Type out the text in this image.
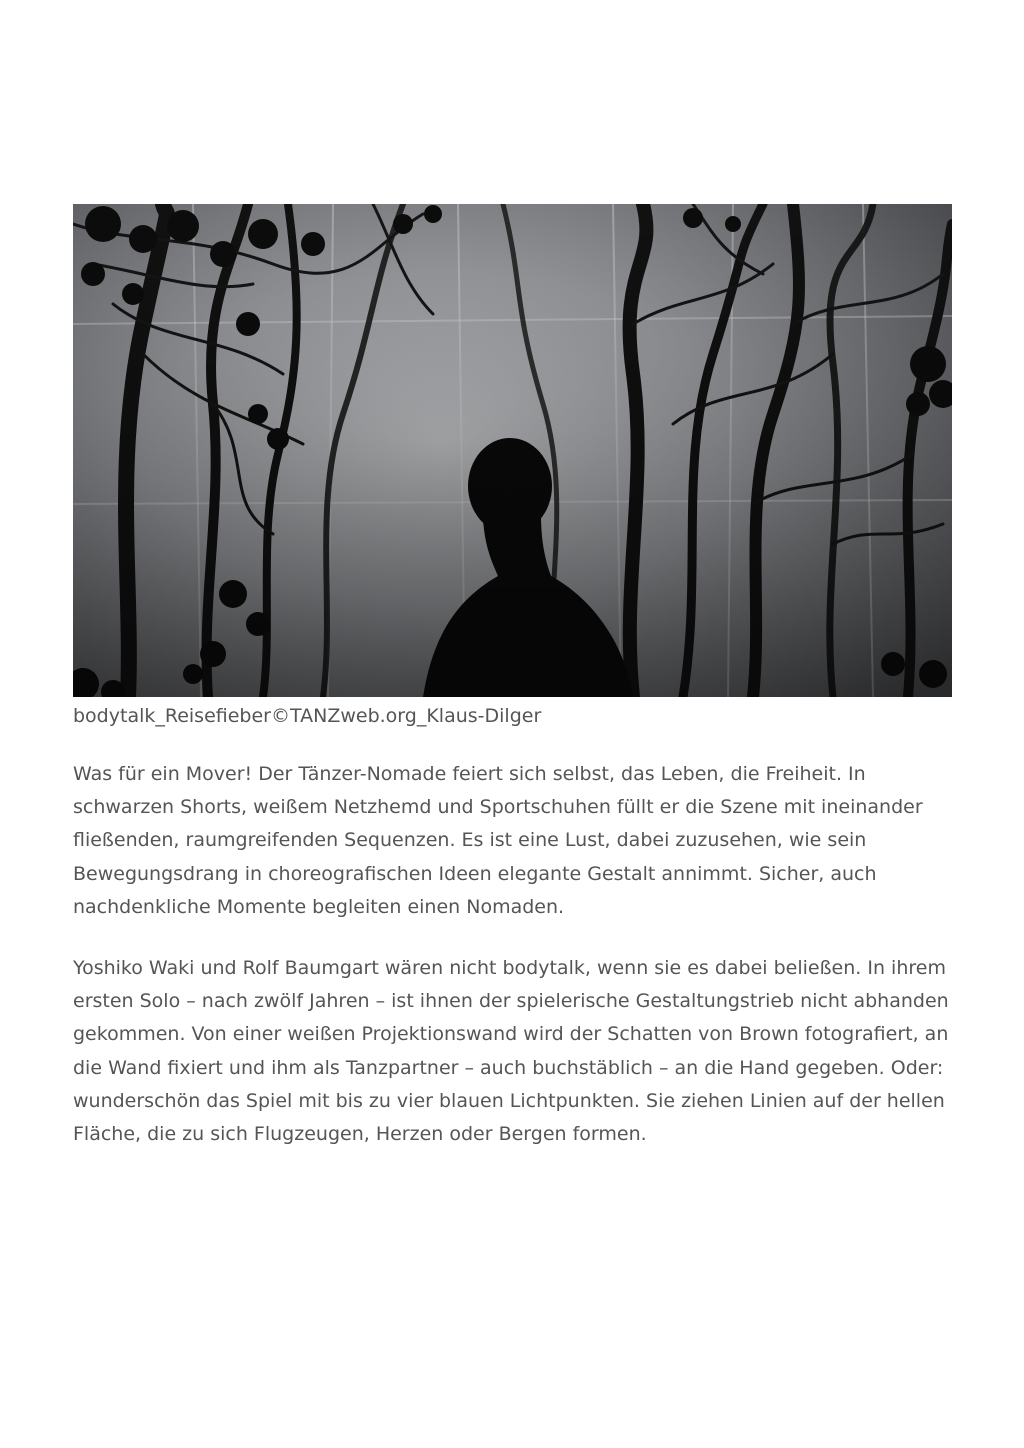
bodytalk_Reisefieber©TANZweb.org_Klaus-Dilger

Was für ein Mover! Der Tänzer-Nomade feiert sich selbst, das Leben, die Freiheit. In
schwarzen Shorts, weißem Netzhemd und Sportschuhen füllt er die Szene mit ineinander
fließenden, raumgreifenden Sequenzen. Es ist eine Lust, dabei zuzusehen, wie sein
Bewegungsdrang in choreografischen Ideen elegante Gestalt annimmt. Sicher, auch
nachdenkliche Momente begleiten einen Nomaden.

Yoshiko Waki und Rolf Baumgart wären nicht bodytalk, wenn sie es dabei beließen. In ihrem
ersten Solo – nach zwölf Jahren – ist ihnen der spielerische Gestaltungstrieb nicht abhanden
gekommen. Von einer weißen Projektionswand wird der Schatten von Brown fotografiert, an
die Wand fixiert und ihm als Tanzpartner – auch buchstäblich – an die Hand gegeben. Oder:
wunderschön das Spiel mit bis zu vier blauen Lichtpunkten. Sie ziehen Linien auf der hellen
Fläche, die zu sich Flugzeugen, Herzen oder Bergen formen.
